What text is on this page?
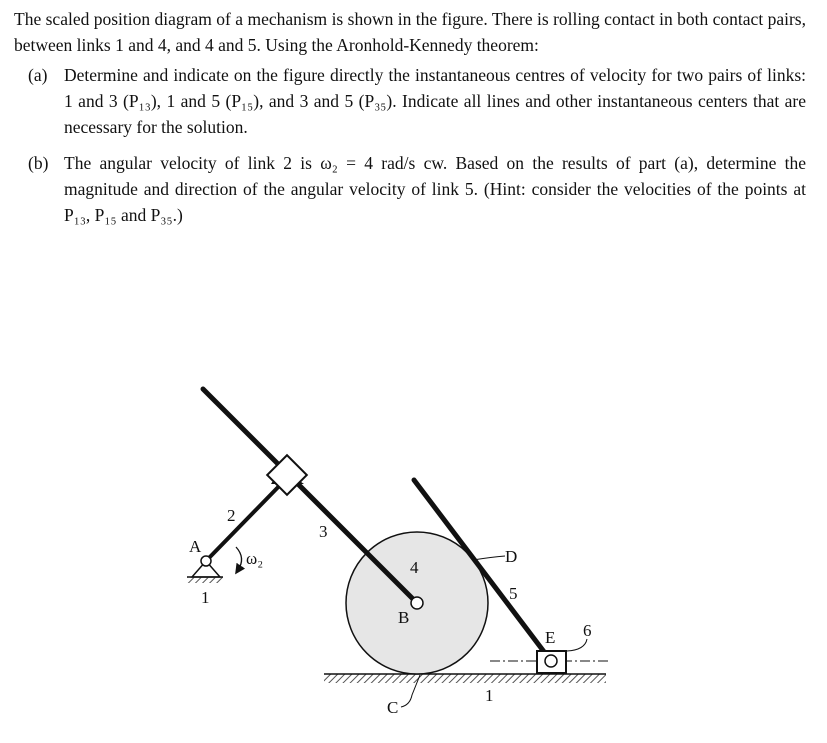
The scaled position diagram of a mechanism is shown in the figure. There is rolling contact in both contact pairs, between links 1 and 4, and 4 and 5. Using the Aronhold-Kennedy theorem:

(a) Determine and indicate on the figure directly the instantaneous centres of velocity for two pairs of links: 1 and 3 (P₁₃), 1 and 5 (P₁₅), and 3 and 5 (P₃₅). Indicate all lines and other instantaneous centers that are necessary for the solution.
(b) The angular velocity of link 2 is ω₂ = 4 rad/s cw. Based on the results of part (a), determine the magnitude and direction of the angular velocity of link 5. (Hint: consider the velocities of the points at P₁₃, P₁₅ and P₃₅.)
A
2
ω₂
1
3
4
B
C
D
5
E 6
1
